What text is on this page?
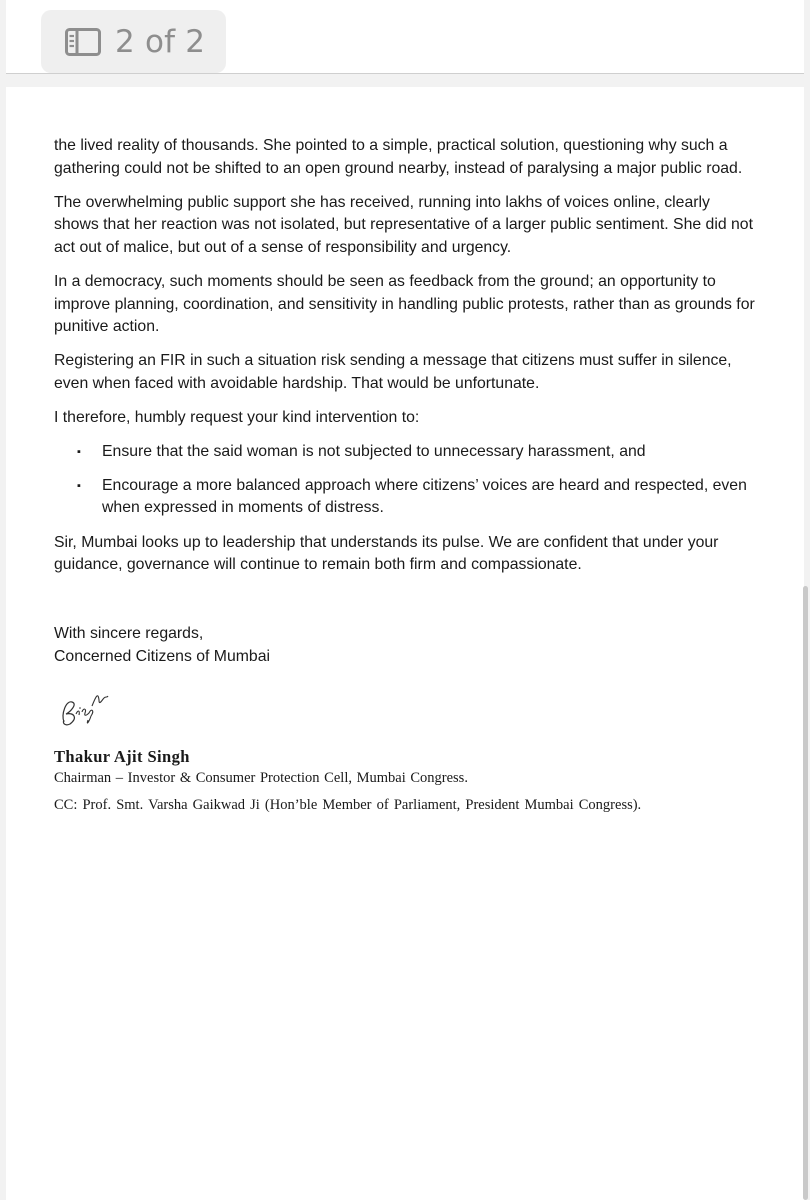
2 of 2

the lived reality of thousands. She pointed to a simple, practical solution, questioning why such a gathering could not be shifted to an open ground nearby, instead of paralysing a major public road.

The overwhelming public support she has received, running into lakhs of voices online, clearly shows that her reaction was not isolated, but representative of a larger public sentiment. She did not act out of malice, but out of a sense of responsibility and urgency.

In a democracy, such moments should be seen as feedback from the ground; an opportunity to improve planning, coordination, and sensitivity in handling public protests, rather than as grounds for punitive action.

Registering an FIR in such a situation risk sending a message that citizens must suffer in silence, even when faced with avoidable hardship. That would be unfortunate.

I therefore, humbly request your kind intervention to:

▪ Ensure that the said woman is not subjected to unnecessary harassment, and
▪ Encourage a more balanced approach where citizens’ voices are heard and respected, even when expressed in moments of distress.

Sir, Mumbai looks up to leadership that understands its pulse. We are confident that under your guidance, governance will continue to remain both firm and compassionate.

With sincere regards,
Concerned Citizens of Mumbai
Thakur Ajit Singh
Chairman – Investor & Consumer Protection Cell, Mumbai Congress.
CC: Prof. Smt. Varsha Gaikwad Ji (Hon’ble Member of Parliament, President Mumbai Congress).
